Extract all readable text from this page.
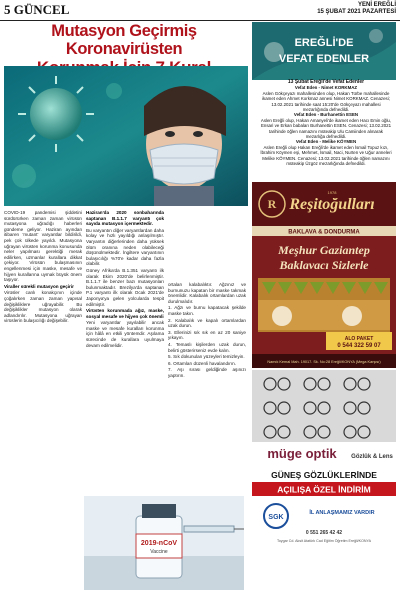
5 GÜNCEL	YENİ EREĞLİ
15 ŞUBAT 2021 PAZARTESİ
Mutasyon Geçirmiş Koronavirüsten

COVID-19 pandemisi şiddetini sürdürürken zaman zaman virüsün mutasyona uğradığı haberleri gündeme geliyor. Haziran ayından itibaren 'mutant' varyantlar bildirildi, pek çok ülkede yayıldı. Mutasyona uğrayan virüsten korunma konusunda neler yapılması gerektiği merak edilirken, uzmanlar kurallara dikkat çekiyor. Virüsün bulaşmasının engellenmesi için maske, mesafe ve hijyen kurallarına uymak büyük önem taşıyor.

Viraller sürekli mutasyon geçirir

Virüsler canlı konakçının içinde çoğalırken zaman zaman yapısal değişikliklere uğrayabilir. Bu değişiklikler mutasyon olarak adlandırılır. Mutasyona uğrayan virüslerin bulaşıcılığı değişebilir.

Haziran'da 2020 sonbaharında saptanan B.1.1.7 varyantı çok sayıda mutasyon içermektedir.

Bu varyantın diğer varyantlardan daha kolay ve hızlı yayıldığı anlaşılmıştır. Varyantın diğerlerinden daha yüksek ölüm oranına neden olabileceği düşünülmektedir. İngiltere varyantının bulaşıcılığı %70'e kadar daha fazla olabilir.

Güney Afrika'da B.1.351 varyantı ilk olarak Ekim 2020'de belirlenmiştir. B.1.1.7 ile benzer bazı mutasyonları bulunmaktadır. Brezilya'da saptanan P.1 varyantı ilk olarak Ocak 2021'de Japonya'ya gelen yolcularda tespit edilmiştir.

Virüsten korunmada ağız, maske, sosyal mesafe ve hijyen çok önemli

Yeni varyantlar yayılabilir ancak maske ve mesafe kuralları korunma için hâlâ en etkili yöntemdir. Aşılama sürecinde de kurallara uyulmaya devam edilmelidir.

ortaları kalabalıktır. Ağzınız ve burnunuzu kapatan bir maske takmak önemlidir. Kalabalık ortamlardan uzak durulmalıdır.

1. Ağzı ve burnu kapatacak şekilde maske takın.

2. Kalabalık ve kapalı ortamlardan uzak durun.

3. Ellerinizi sık sık en az 20 saniye yıkayın.

4. Temaslı kişilerden uzak durun, belirti gösterirseniz evde kalın.

5. Sık dokunulan yüzeyleri temizleyin.

6. Ortamları düzenli havalandırın.

7. Aşı sırası geldiğinde aşınızı yaptırın.

2019-nCoV
Vaccine
EREĞLİ'DE
VEFAT EDENLER
13 Şubat Ereğli'de Vefat Edenler
Vefat Eden - Nimet KORKMAZ
Aslen Gökçeyazı mahallesinden olup, Hakan Türbe mahallesinde ikamet eden Ahmet Korkmaz annesi Nimet KORKMAZ. Cenazesi; 13.02.2021 tarihinde saat 15:20'de Gökçeyazı mahallesi mezarlığında defnedildi.
Vefat Eden - Burhanettin ESEN
Aslen Ereğli olup, Hakan Amanyeli'de ikamet eden Hacı Emin oğlu, Ensari ve Erkan babaları Burhanettin ESEN. Cenazesi; 13.02.2021 tarihinde öğlen namazını müteakip Ulu Camiinden alınarak mezarlığa defnedildi.
Vefat Eden - Melike KÖYMEN
Aslen Ereğli olup Hakan Ereğli'de ikamet eden İsmail Topuz kızı, İbrahim Köymen eşi, Mehmet, İsmail, Naci, Nurten ve Uğur anneleri Melike KÖYMEN. Cenazesi; 13.02.2021 tarihinde öğlen namazını müteakip Üzgöz mezarlığında defnedildi.
R Reşitoğulları
1978
BAKLAVA & DONDURMA
Meşhur Gaziantep
Baklavacı Sizlerle
ALO PAKET
0 544 322 59 07
Namık Kemal Mah. 19017. Sk. No:28 Ereğli/KONYA (Mega Karşısı)
müge optik Gözlük & Lens
GÜNEŞ GÖZLÜKLERİNDE
AÇILIŞA ÖZEL İNDİRİM
SGK
İL ANLAŞMAMIZ VARDIR
0 551 265 42 42
Toygar Cd. Aksit Atatürk Cad Eğitim Öğretim Ereğli/KONYA
